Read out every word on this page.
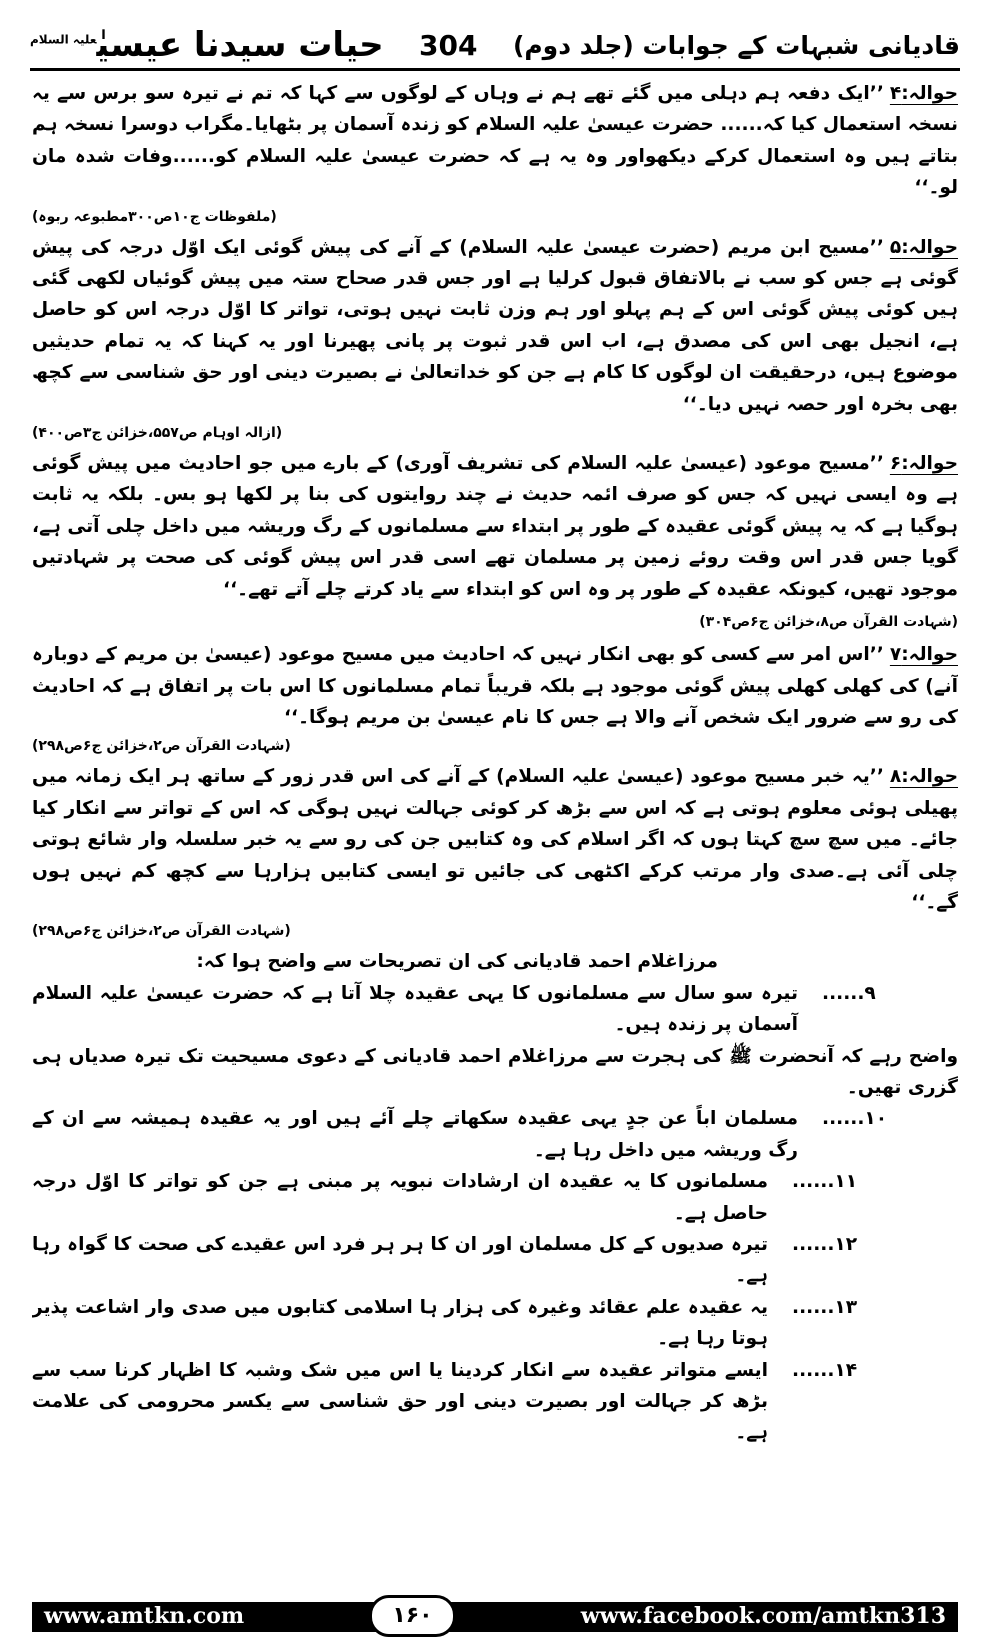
حیات سیدنا عیسیٰ$^{علیہ السلام}$	304 قادیانی شبہات کے جوابات (جلد دوم)

حوالہ:۴’’ایک دفعہ ہم دہلی میں گئے تھے ہم نے وہاں کے لوگوں سے کہا کہ تم نے تیرہ سو برس سے یہ نسخہ استعمال کیا کہ...... حضرت عیسیٰ علیہ السلام کو زندہ آسمان پر بٹھایا۔مگراب دوسرا نسخہ ہم بتاتے ہیں وہ استعمال کرکے دیکھواور وہ یہ ہے کہ حضرت عیسیٰ علیہ السلام کو......وفات شدہ مان لو۔‘‘

(ملفوظات ج۱۰ص۳۰۰مطبوعہ ربوہ)

حوالہ:۵’’مسیح ابن مریم (حضرت عیسیٰ علیہ السلام) کے آنے کی پیش گوئی ایک اوّل درجہ کی پیش گوئی ہے جس کو سب نے بالاتفاق قبول کرلیا ہے اور جس قدر صحاح ستہ میں پیش گوئیاں لکھی گئی ہیں کوئی پیش گوئی اس کے ہم پہلو اور ہم وزن ثابت نہیں ہوتی، تواتر کا اوّل درجہ اس کو حاصل ہے، انجیل بھی اس کی مصدق ہے، اب اس قدر ثبوت پر پانی پھیرنا اور یہ کہنا کہ یہ تمام حدیثیں موضوع ہیں، درحقیقت ان لوگوں کا کام ہے جن کو خداتعالیٰ نے بصیرت دینی اور حق شناسی سے کچھ بھی بخرہ اور حصہ نہیں دیا۔‘‘

(ازالہ اوہام ص۵۵۷،خزائن ج۳ص۴۰۰)

حوالہ:۶’’مسیح موعود (عیسیٰ علیہ السلام کی تشریف آوری) کے بارے میں جو احادیث میں پیش گوئی ہے وہ ایسی نہیں کہ جس کو صرف ائمہ حدیث نے چند روایتوں کی بنا پر لکھا ہو بس۔ بلکہ یہ ثابت ہوگیا ہے کہ یہ پیش گوئی عقیدہ کے طور پر ابتداء سے مسلمانوں کے رگ وریشہ میں داخل چلی آتی ہے، گویا جس قدر اس وقت روئے زمین پر مسلمان تھے اسی قدر اس پیش گوئی کی صحت پر شہادتیں موجود تھیں، کیونکہ عقیدہ کے طور پر وہ اس کو ابتداء سے یاد کرتے چلے آتے تھے۔‘‘

(شہادت القرآن ص۸،خزائن ج۶ص۳۰۴)

حوالہ:۷’’اس امر سے کسی کو بھی انکار نہیں کہ احادیث میں مسیح موعود (عیسیٰ بن مریم کے دوبارہ آنے) کی کھلی کھلی پیش گوئی موجود ہے بلکہ قریباً تمام مسلمانوں کا اس بات پر اتفاق ہے کہ احادیث کی رو سے ضرور ایک شخص آنے والا ہے جس کا نام عیسیٰ بن مریم ہوگا۔‘‘

(شہادت القرآن ص۲،خزائن ج۶ص۲۹۸)

حوالہ:۸’’یہ خبر مسیح موعود (عیسیٰ علیہ السلام) کے آنے کی اس قدر زور کے ساتھ ہر ایک زمانہ میں پھیلی ہوئی معلوم ہوتی ہے کہ اس سے بڑھ کر کوئی جہالت نہیں ہوگی کہ اس کے تواتر سے انکار کیا جائے۔ میں سچ سچ کہتا ہوں کہ اگر اسلام کی وہ کتابیں جن کی رو سے یہ خبر سلسلہ وار شائع ہوتی چلی آئی ہے۔صدی وار مرتب کرکے اکٹھی کی جائیں تو ایسی کتابیں ہزارہا سے کچھ کم نہیں ہوں گے۔‘‘

(شہادت القرآن ص۲،خزائن ج۶ص۲۹۸)

مرزاغلام احمد قادیانی کی ان تصریحات سے واضح ہوا کہ:

۹......
تیرہ سو سال سے مسلمانوں کا یہی عقیدہ چلا آتا ہے کہ حضرت عیسیٰ علیہ السلام آسمان پر زندہ ہیں۔

واضح رہے کہ آنحضرت ﷺ کی ہجرت سے مرزاغلام احمد قادیانی کے دعوی مسیحیت تک تیرہ صدیاں ہی گزری تھیں۔

۱۰......
مسلمان اباً عن جدٍ یہی عقیدہ سکھاتے چلے آئے ہیں اور یہ عقیدہ ہمیشہ سے ان کے رگ وریشہ میں داخل رہا ہے۔
۱۱......
مسلمانوں کا یہ عقیدہ ان ارشادات نبویہ پر مبنی ہے جن کو تواتر کا اوّل درجہ حاصل ہے۔
۱۲......
تیرہ صدیوں کے کل مسلمان اور ان کا ہر ہر فرد اس عقیدے کی صحت کا گواہ رہا ہے۔
۱۳......
یہ عقیدہ علم عقائد وغیرہ کی ہزار ہا اسلامی کتابوں میں صدی وار اشاعت پذیر ہوتا رہا ہے۔
۱۴......
ایسے متواتر عقیدہ سے انکار کردینا یا اس میں شک وشبہ کا اظہار کرنا سب سے بڑھ کر جہالت اور بصیرت دینی اور حق شناسی سے یکسر محرومی کی علامت ہے۔
www.amtkn.com	۱۶۰	www.facebook.com/amtkn313
